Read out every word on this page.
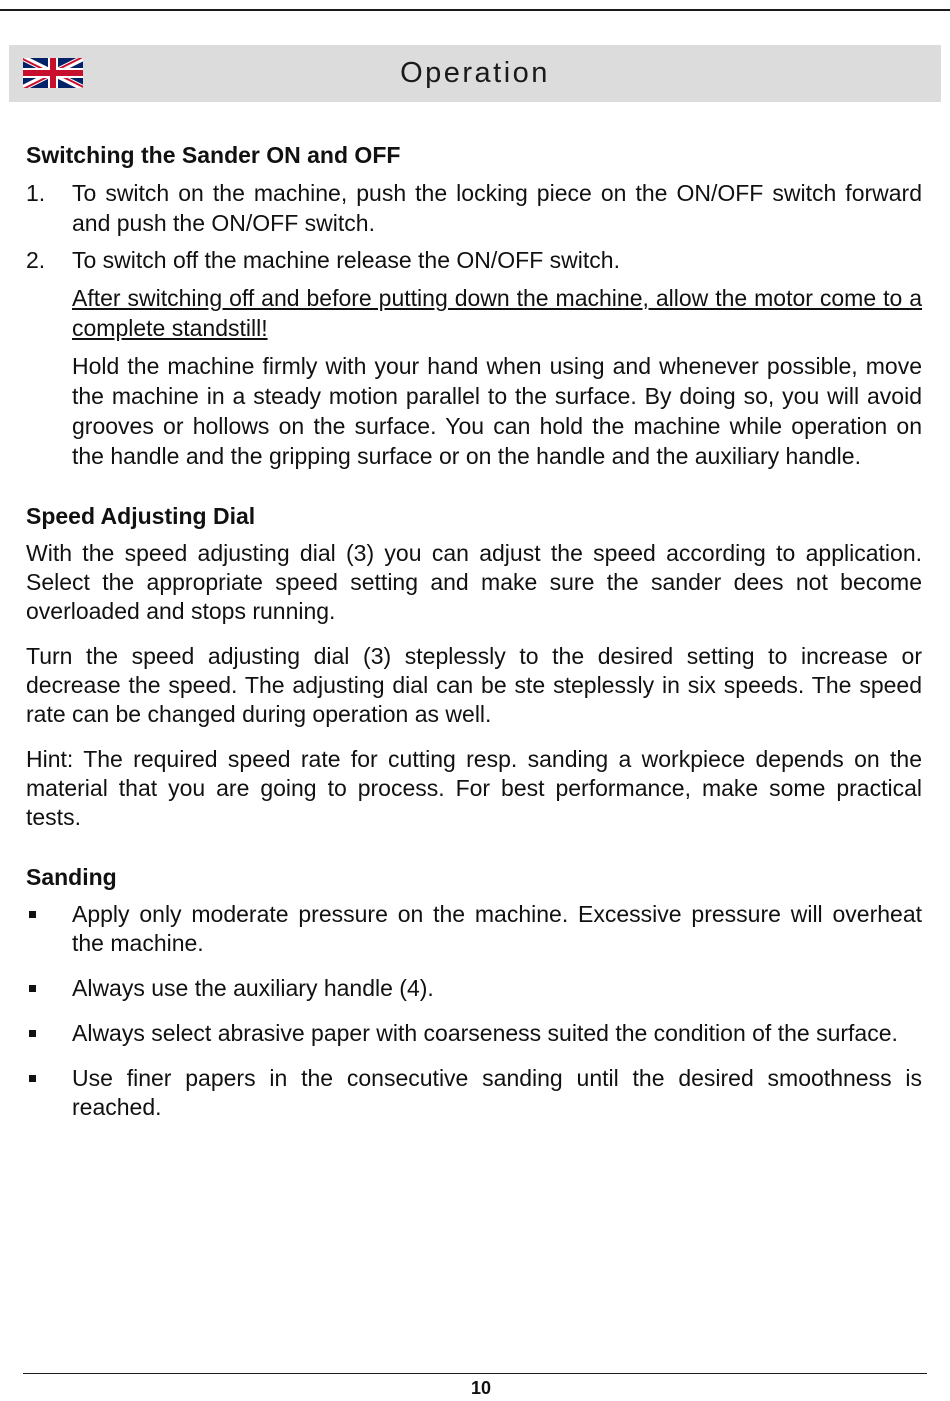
Operation
Switching the Sander ON and OFF
1. To switch on the machine, push the locking piece on the ON/OFF switch forward and push the ON/OFF switch.
2. To switch off the machine release the ON/OFF switch.
After switching off and before putting down the machine, allow the motor come to a complete standstill!
Hold the machine firmly with your hand when using and whenever possible, move the machine in a steady motion parallel to the surface. By doing so, you will avoid grooves or hollows on the surface. You can hold the machine while operation on the handle and the gripping surface or on the handle and the auxiliary handle.
Speed Adjusting Dial
With the speed adjusting dial (3) you can adjust the speed according to application. Select the appropriate speed setting and make sure the sander dees not become overloaded and stops running.
Turn the speed adjusting dial (3) steplessly to the desired setting to increase or decrease the speed. The adjusting dial can be ste steplessly in six speeds. The speed rate can be changed during operation as well.
Hint: The required speed rate for cutting resp. sanding a workpiece depends on the material that you are going to process. For best performance, make some practical tests.
Sanding
Apply only moderate pressure on the machine. Excessive pressure will overheat the machine.
Always use the auxiliary handle (4).
Always select abrasive paper with coarseness suited the condition of the surface.
Use finer papers in the consecutive sanding until the desired smoothness is reached.
10
